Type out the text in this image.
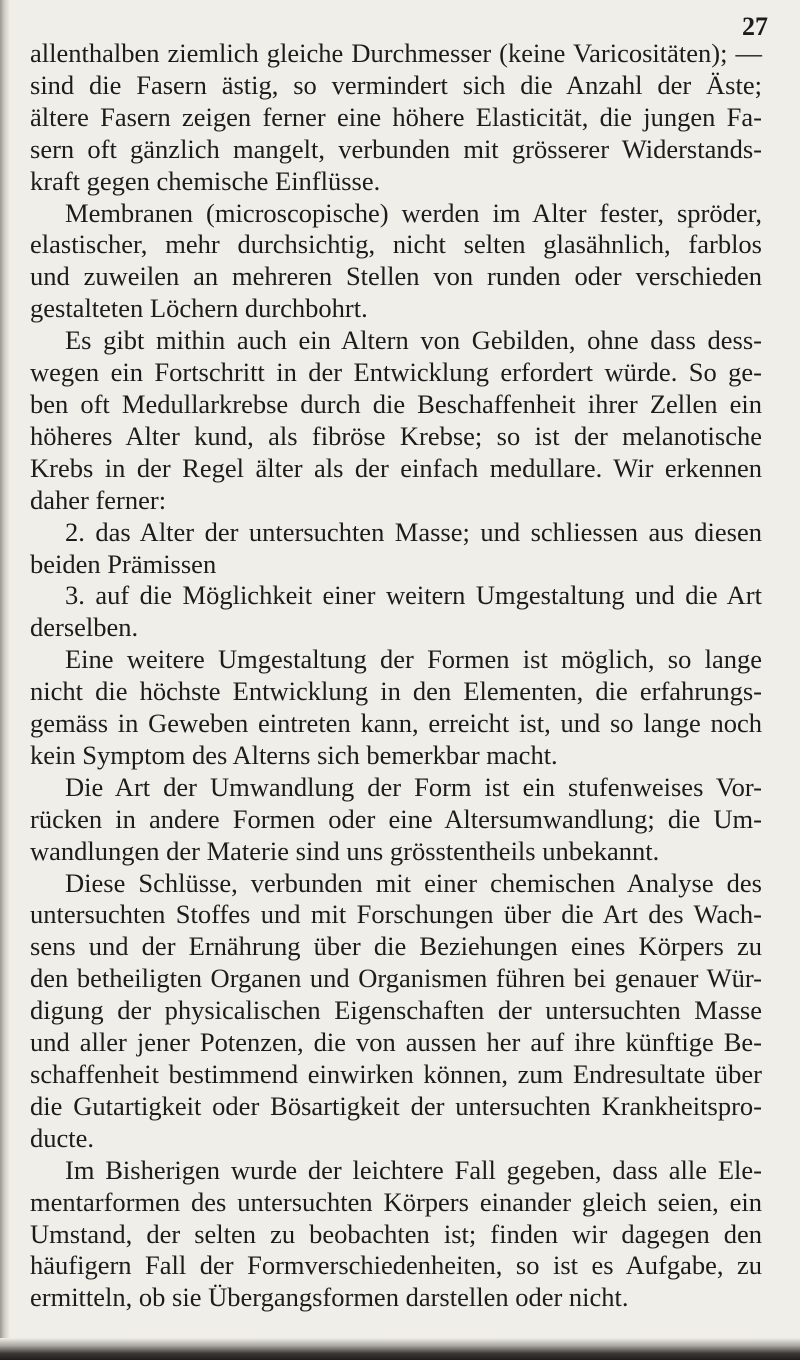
27
allenthalben ziemlich gleiche Durchmesser (keine Varicositäten); —
sind die Fasern ästig, so vermindert sich die Anzahl der Äste;
ältere Fasern zeigen ferner eine höhere Elasticität, die jungen Fa-
sern oft gänzlich mangelt, verbunden mit grösserer Widerstands-
kraft gegen chemische Einflüsse.
Membranen (microscopische) werden im Alter fester, spröder,
elastischer, mehr durchsichtig, nicht selten glasähnlich, farblos
und zuweilen an mehreren Stellen von runden oder verschieden
gestalteten Löchern durchbohrt.
Es gibt mithin auch ein Altern von Gebilden, ohne dass dess-
wegen ein Fortschritt in der Entwicklung erfordert würde. So ge-
ben oft Medullarkrebse durch die Beschaffenheit ihrer Zellen ein
höheres Alter kund, als fibröse Krebse; so ist der melanotische
Krebs in der Regel älter als der einfach medullare. Wir erkennen
daher ferner:
2. das Alter der untersuchten Masse; und schliessen aus diesen
beiden Prämissen
3. auf die Möglichkeit einer weitern Umgestaltung und die Art
derselben.
Eine weitere Umgestaltung der Formen ist möglich, so lange
nicht die höchste Entwicklung in den Elementen, die erfahrungs-
gemäss in Geweben eintreten kann, erreicht ist, und so lange noch
kein Symptom des Alterns sich bemerkbar macht.
Die Art der Umwandlung der Form ist ein stufenweises Vor-
rücken in andere Formen oder eine Altersumwandlung; die Um-
wandlungen der Materie sind uns grösstentheils unbekannt.
Diese Schlüsse, verbunden mit einer chemischen Analyse des
untersuchten Stoffes und mit Forschungen über die Art des Wach-
sens und der Ernährung über die Beziehungen eines Körpers zu
den betheiligten Organen und Organismen führen bei genauer Wür-
digung der physicalischen Eigenschaften der untersuchten Masse
und aller jener Potenzen, die von aussen her auf ihre künftige Be-
schaffenheit bestimmend einwirken können, zum Endresultate über
die Gutartigkeit oder Bösartigkeit der untersuchten Krankheitspro-
ducte.
Im Bisherigen wurde der leichtere Fall gegeben, dass alle Ele-
mentarformen des untersuchten Körpers einander gleich seien, ein
Umstand, der selten zu beobachten ist; finden wir dagegen den
häufigern Fall der Formverschiedenheiten, so ist es Aufgabe, zu
ermitteln, ob sie Übergangsformen darstellen oder nicht.
